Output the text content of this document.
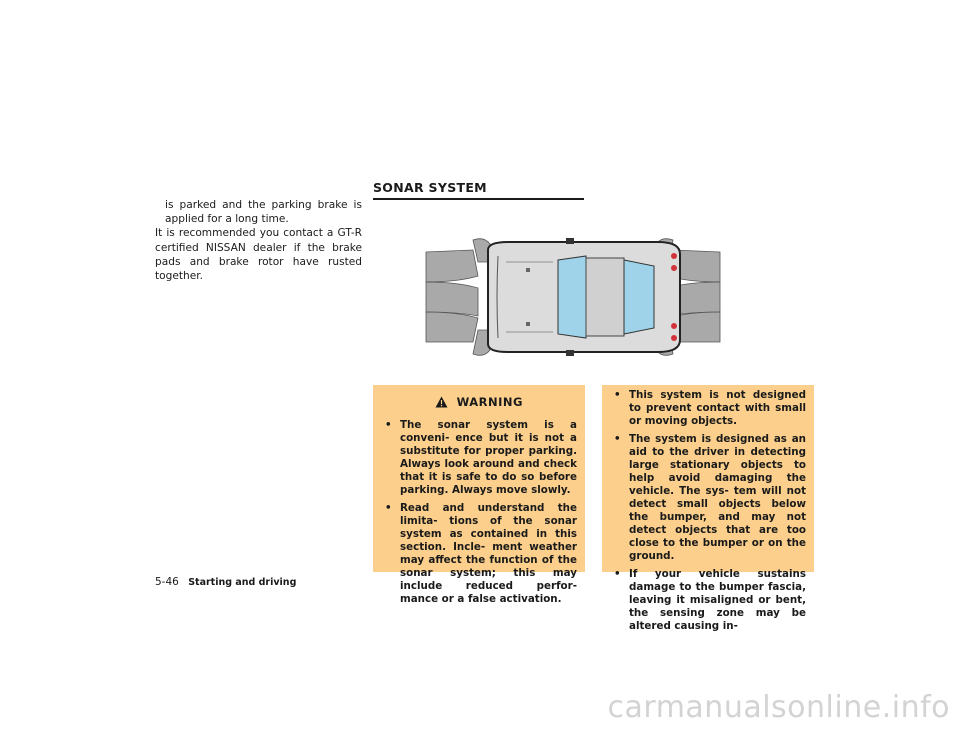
is parked and the parking brake is applied for a long time.

It is recommended you contact a GT-R certified NISSAN dealer if the brake pads and brake rotor have rusted together.

SONAR SYSTEM
WARNING
• The sonar system is a conveni- ence but it is not a substitute for proper parking. Always look around and check that it is safe to do so before parking. Always move slowly.
• Read and understand the limita- tions of the sonar system as contained in this section. Incle- ment weather may affect the function of the sonar system; this may include reduced perfor- mance or a false activation.
• This system is not designed to prevent contact with small or moving objects.
• The system is designed as an aid to the driver in detecting large stationary objects to help avoid damaging the vehicle. The sys- tem will not detect small objects below the bumper, and may not detect objects that are too close to the bumper or on the ground.
• If your vehicle sustains damage to the bumper fascia, leaving it misaligned or bent, the sensing zone may be altered causing in-
5-46 Starting and driving
carmanualsonline.info
